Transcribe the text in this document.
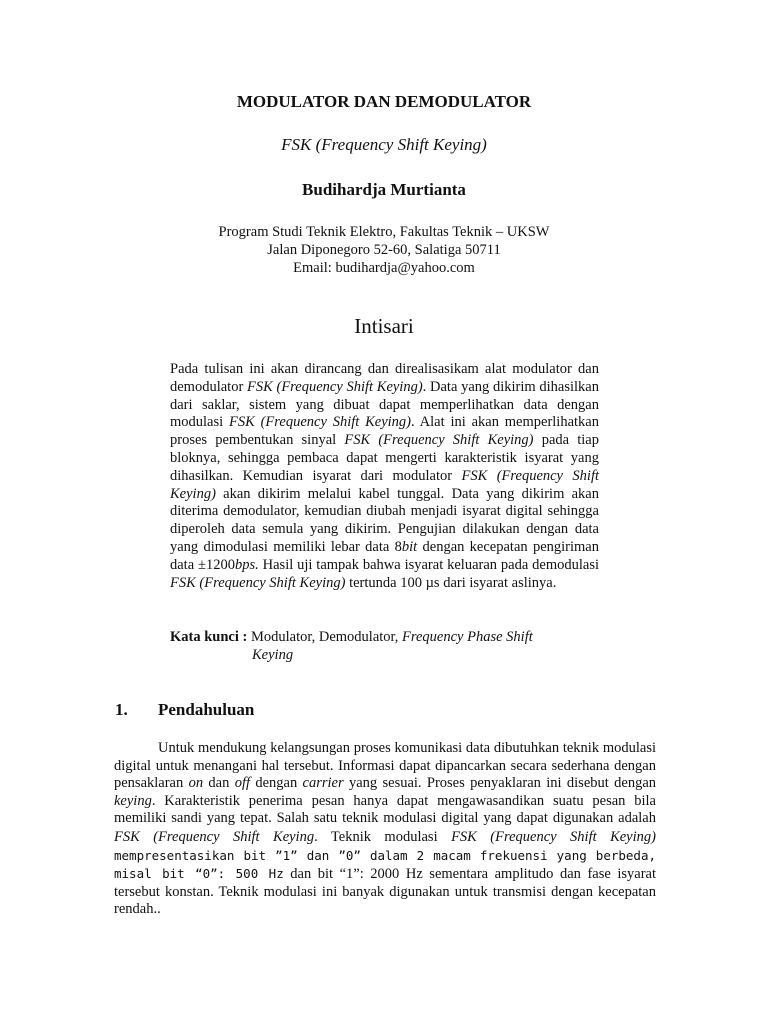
MODULATOR DAN DEMODULATOR
FSK (Frequency Shift Keying)
Budihardja Murtianta
Program Studi Teknik Elektro, Fakultas Teknik – UKSW
Jalan Diponegoro 52-60, Salatiga 50711
Email: budihardja@yahoo.com
Intisari
Pada tulisan ini akan dirancang dan direalisasikam alat modulator dan demodulator FSK (Frequency Shift Keying). Data yang dikirim dihasilkan dari saklar, sistem yang dibuat dapat memperlihatkan data dengan modulasi FSK (Frequency Shift Keying). Alat ini akan memperlihatkan proses pembentukan sinyal FSK (Frequency Shift Keying) pada tiap bloknya, sehingga pembaca dapat mengerti karakteristik isyarat yang dihasilkan. Kemudian isyarat dari modulator FSK (Frequency Shift Keying) akan dikirim melalui kabel tunggal. Data yang dikirim akan diterima demodulator, kemudian diubah menjadi isyarat digital sehingga diperoleh data semula yang dikirim. Pengujian dilakukan dengan data yang dimodulasi memiliki lebar data 8bit dengan kecepatan pengiriman data ±1200bps. Hasil uji tampak bahwa isyarat keluaran pada demodulasi FSK (Frequency Shift Keying) tertunda 100 µs dari isyarat aslinya.
Kata kunci : Modulator, Demodulator, Frequency Phase Shift
Keying
1. Pendahuluan
Untuk mendukung kelangsungan proses komunikasi data dibutuhkan teknik modulasi digital untuk menangani hal tersebut. Informasi dapat dipancarkan secara sederhana dengan pensaklaran on dan off dengan carrier yang sesuai. Proses penyaklaran ini disebut dengan keying. Karakteristik penerima pesan hanya dapat mengawasandikan suatu pesan bila memiliki sandi yang tepat. Salah satu teknik modulasi digital yang dapat digunakan adalah FSK (Frequency Shift Keying. Teknik modulasi FSK (Frequency Shift Keying) mempresentasikan bit ”1” dan ”0” dalam 2 macam frekuensi yang berbeda, misal bit “0”: 500 Hz dan bit “1”: 2000 Hz sementara amplitudo dan fase isyarat tersebut konstan. Teknik modulasi ini banyak digunakan untuk transmisi dengan kecepatan rendah..
